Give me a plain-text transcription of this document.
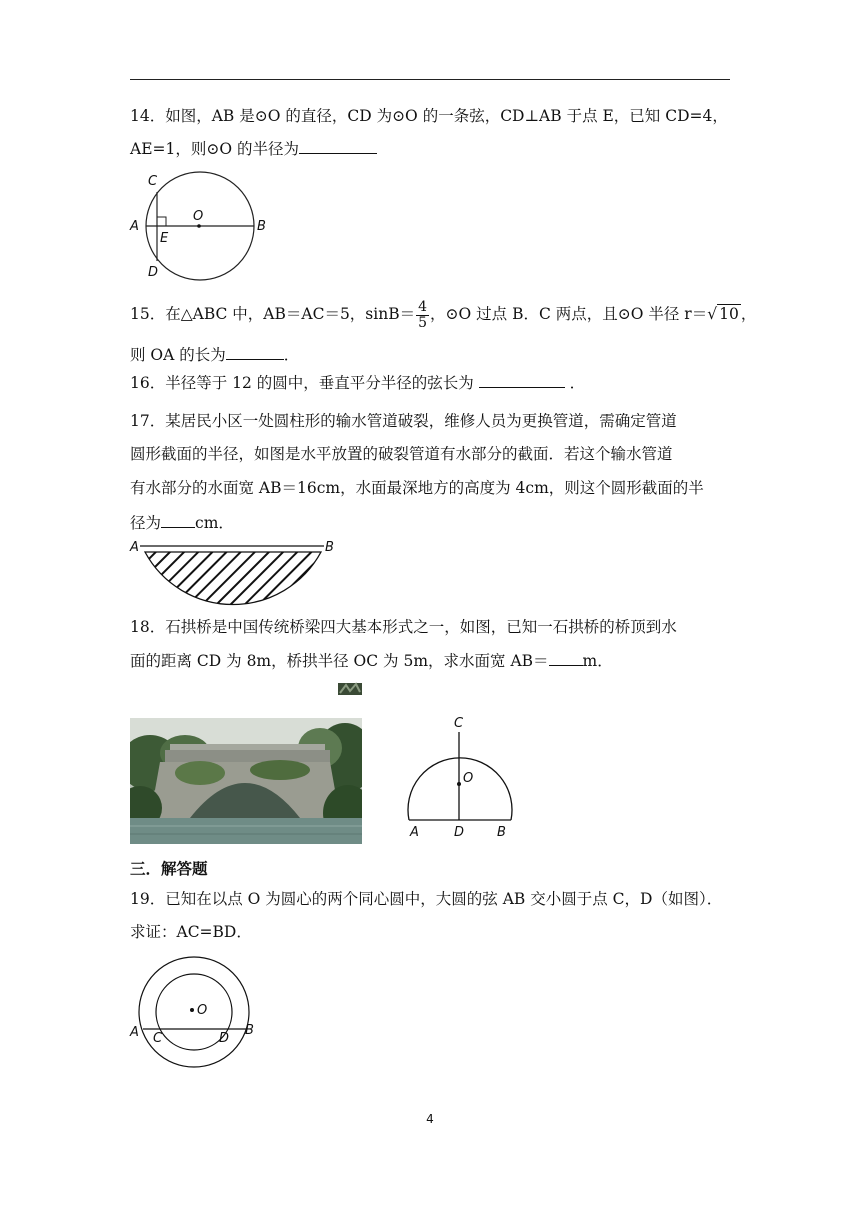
14．如图，AB 是⊙O 的直径，CD 为⊙O 的一条弦，CD⊥AB 于点 E，已知 CD=4，
AE=1，则⊙O 的半径为
C
A
O
B
E
D
15．在△ABC 中，AB＝AC＝5，$\sin B= \frac{4}{5}$ ，⊙O 过点 B．C 两点，且⊙O 半径 r＝√ 10 ，
则 OA 的长为	．
16．半径等于 12 的圆中，垂直平分半径的弦长为	．
17．某居民小区一处圆柱形的输水管道破裂，维修人员为更换管道，需确定管道
圆形截面的半径，如图是水平放置的破裂管道有水部分的截面．若这个输水管道
有水部分的水面宽 AB＝16cm，水面最深地方的高度为 4cm，则这个圆形截面的半
径为 cm．
A	B
18．石拱桥是中国传统桥梁四大基本形式之一，如图，已知一石拱桥的桥顶到水
面的距离 CD 为 8m，桥拱半径 OC 为 5m，求水面宽 AB＝ m．
C
O
A	D	B
三．解答题
19．已知在以点 O 为圆心的两个同心圆中，大圆的弦 AB 交小圆于点 C，D（如图）．
求证：AC=BD．
O
A C	D
B
4
